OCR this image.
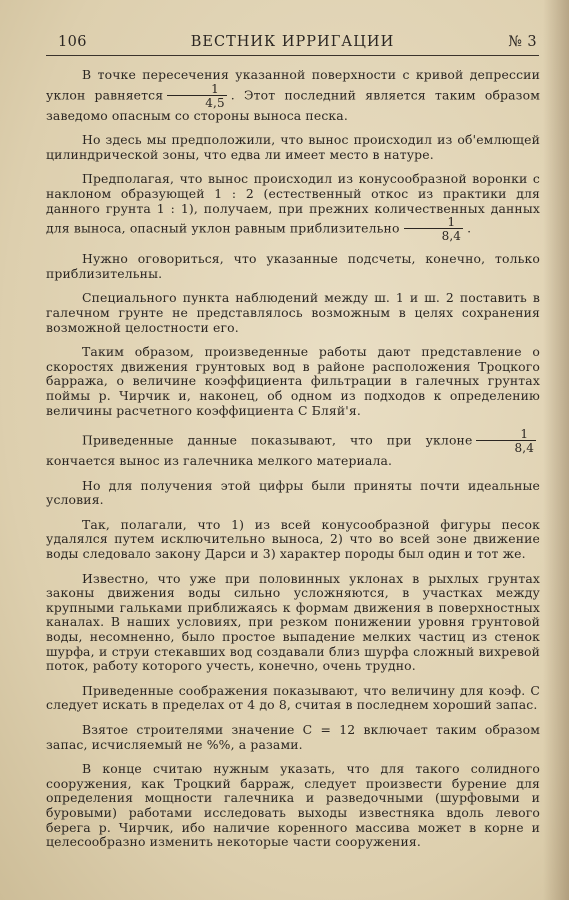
106	ВЕСТНИК ИРРИГАЦИИ	№ 3

В точке пересечения указанной поверхности с кривой депрессии уклон равняется $\frac{1}{4,5}$ . Этот последний является таким образом заведомо опасным со стороны выноса песка.

Но здесь мы предположили, что вынос происходил из об'емлющей цилиндрической зоны, что едва ли имеет место в натуре.

Предполагая, что вынос происходил из конусообразной воронки с наклоном образующей 1 : 2 (естественный откос из практики для данного грунта 1 : 1), получаем, при прежних количественных данных для выноса, опасный уклон равным приблизительно $\frac{1}{8,4}$ .

Нужно оговориться, что указанные подсчеты, конечно, только приблизительны.

Специального пункта наблюдений между ш. 1 и ш. 2 поставить в галечном грунте не представлялось возможным в целях сохранения возможной целостности его.

Таким образом, произведенные работы дают представление о скоростях движения грунтовых вод в районе расположения Троцкого барража, о величине коэффициента фильтрации в галечных грунтах поймы р. Чирчик и, наконец, об одном из подходов к определению величины расчетного коэффициента С Бляй'я.

Приведенные данные показывают, что при уклоне $\frac{1}{8,4}$
кончается вынос из галечника мелкого материала.

Но для получения этой цифры были приняты почти идеальные условия.

Так, полагали, что 1) из всей конусообразной фигуры песок удалялся путем исключительно выноса, 2) что во всей зоне движение воды следовало закону Дарси и 3) характер породы был один и тот же.

Известно, что уже при половинных уклонах в рыхлых грунтах законы движения воды сильно усложняются, в участках между крупными гальками приближаясь к формам движения в поверхностных каналах. В наших условиях, при резком понижении уровня грунтовой воды, несомненно, было простое выпадение мелких частиц из стенок шурфа, и струи стекавших вод создавали близ шурфа сложный вихревой поток, работу которого учесть, конечно, очень трудно.

Приведенные соображения показывают, что величину для коэф. С следует искать в пределах от 4 до 8, считая в последнем хороший запас.

Взятое строителями значение С = 12 включает таким образом запас, исчисляемый не %%, а разами.

В конце считаю нужным указать, что для такого солидного сооружения, как Троцкий барраж, следует произвести бурение для определения мощности галечника и разведочными (шурфовыми и буровыми) работами исследовать выходы известняка вдоль левого берега р. Чирчик, ибо наличие коренного массива может в корне и целесообразно изменить некоторые части сооружения.
